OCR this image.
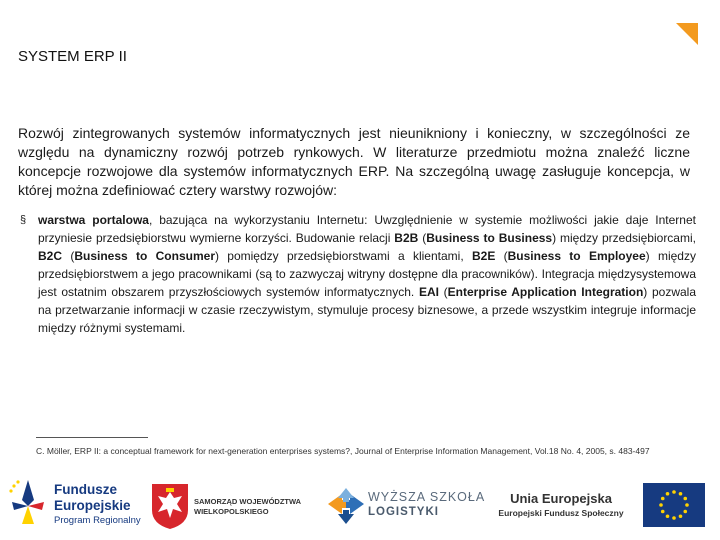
SYSTEM ERP II
Rozwój zintegrowanych systemów informatycznych jest nieunikniony i konieczny, w szczególności ze względu na dynamiczny rozwój potrzeb rynkowych. W literaturze przedmiotu można znaleźć liczne koncepcje rozwojowe dla systemów informatycznych ERP. Na szczególną uwagę zasługuje koncepcja, w której można zdefiniować cztery warstwy rozwojów:
§ warstwa portalowa, bazująca na wykorzystaniu Internetu: Uwzględnienie w systemie możliwości jakie daje Internet przyniesie przedsiębiorstwu wymierne korzyści. Budowanie relacji B2B (Business to Business) między przedsiębiorcami, B2C (Business to Consumer) pomiędzy przedsiębiorstwami a klientami, B2E (Business to Employee) między przedsiębiorstwem a jego pracownikami (są to zazwyczaj witryny dostępne dla pracowników). Integracja międzysystemowa jest ostatnim obszarem przyszłościowych systemów informatycznych. EAI (Enterprise Application Integration) pozwala na przetwarzanie informacji w czasie rzeczywistym, stymuluje procesy biznesowe, a przede wszystkim integruje informacje między różnymi systemami.
C. Möller, ERP II: a conceptual framework for next-generation enterprises systems?, Journal of Enterprise Information Management, Vol.18 No. 4, 2005, s. 483-497
Fundusze
Europejskie
Program Regionalny
SAMORZĄD WOJEWÓDZTWA
WIELKOPOLSKIEGO
WYŻSZA SZKOŁA
LOGISTYKI
Unia Europejska
Europejski Fundusz Społeczny
